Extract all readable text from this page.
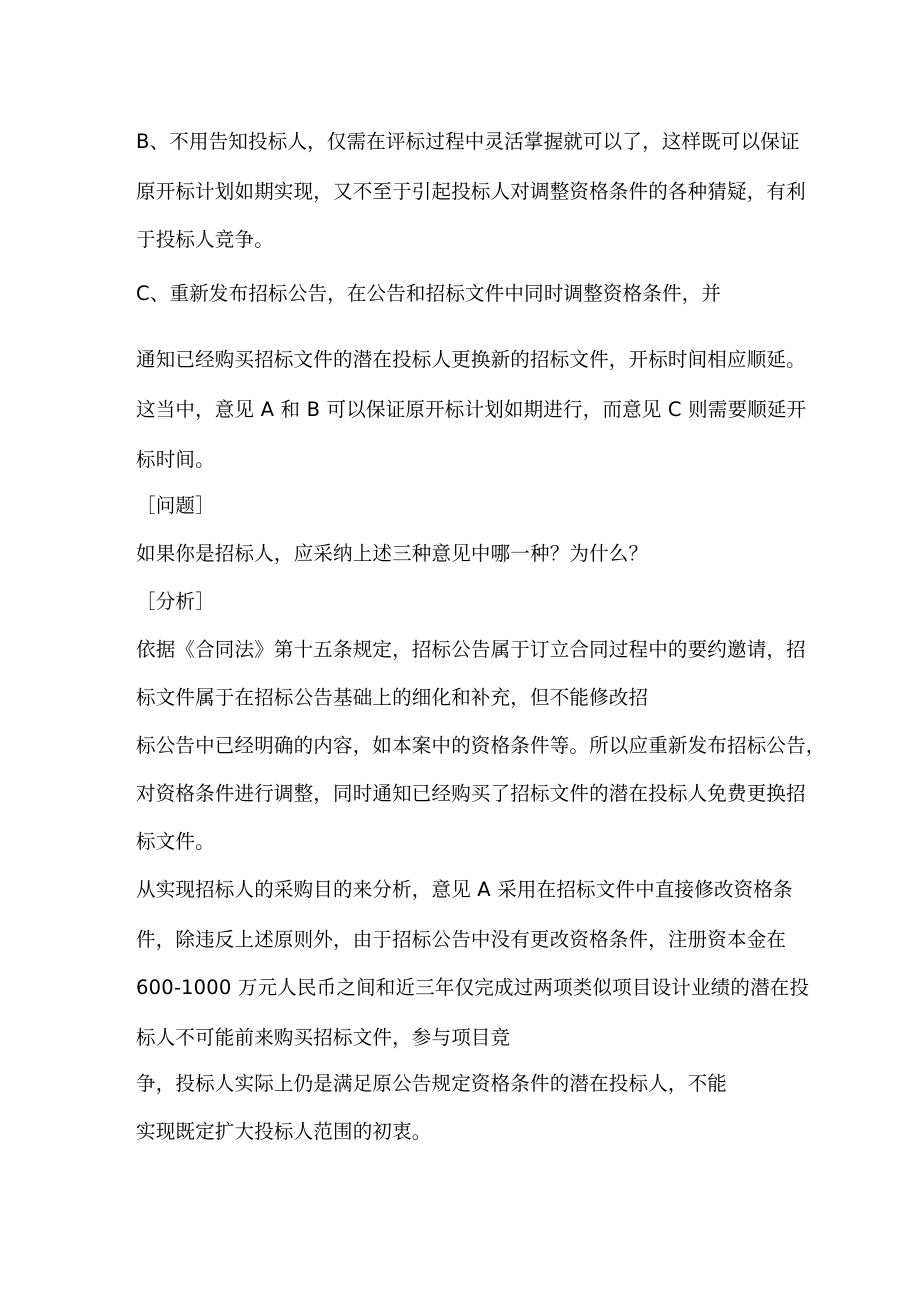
B、不用告知投标人，仅需在评标过程中灵活掌握就可以了，这样既可以保证
原开标计划如期实现，又不至于引起投标人对调整资格条件的各种猜疑，有利
于投标人竞争。
C、重新发布招标公告，在公告和招标文件中同时调整资格条件，并
通知已经购买招标文件的潜在投标人更换新的招标文件，开标时间相应顺延。
这当中，意见 A 和 B 可以保证原开标计划如期进行，而意见 C 则需要顺延开
标时间。
［问题］
如果你是招标人，应采纳上述三种意见中哪一种？为什么？
［分析］
依据《合同法》第十五条规定，招标公告属于订立合同过程中的要约邀请，招
标文件属于在招标公告基础上的细化和补充，但不能修改招
标公告中已经明确的内容，如本案中的资格条件等。所以应重新发布招标公告，
对资格条件进行调整，同时通知已经购买了招标文件的潜在投标人免费更换招
标文件。
从实现招标人的采购目的来分析，意见 A 采用在招标文件中直接修改资格条
件，除违反上述原则外，由于招标公告中没有更改资格条件，注册资本金在
600-1000 万元人民币之间和近三年仅完成过两项类似项目设计业绩的潜在投
标人不可能前来购买招标文件，参与项目竞
争，投标人实际上仍是满足原公告规定资格条件的潜在投标人，不能
实现既定扩大投标人范围的初衷。
